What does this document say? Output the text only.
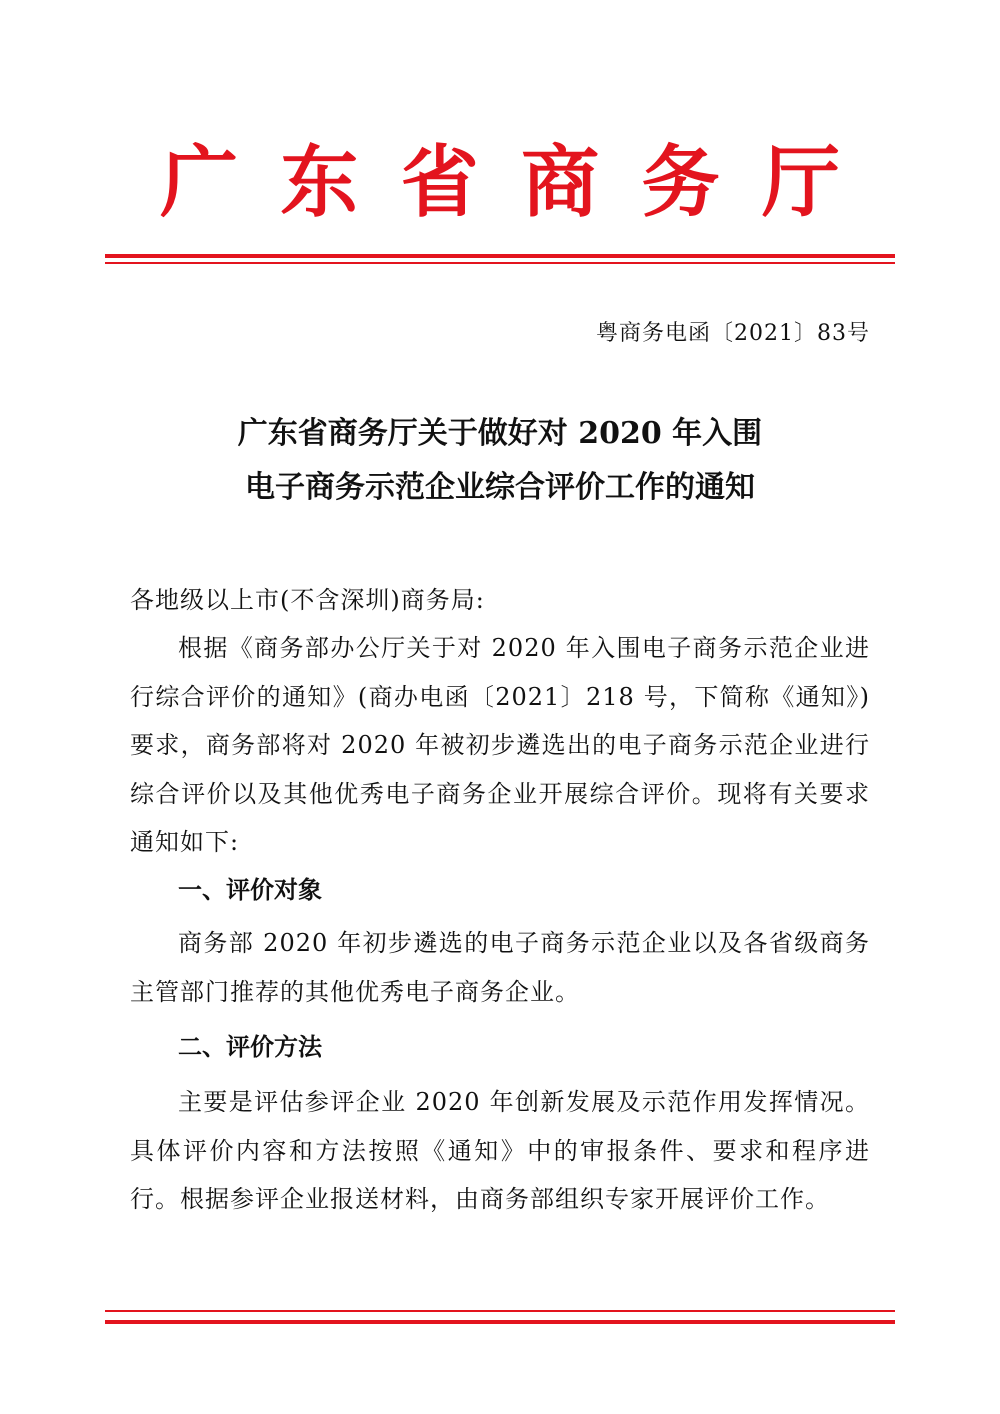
广 东 省 商 务 厅
粤商务电函〔2021〕83号
广东省商务厅关于做好对 2020 年入围
电子商务示范企业综合评价工作的通知
各地级以上市(不含深圳)商务局:

根据《商务部办公厅关于对 2020 年入围电子商务示范企业进行综合评价的通知》(商办电函〔2021〕218 号，下简称《通知》)要求，商务部将对 2020 年被初步遴选出的电子商务示范企业进行综合评价以及其他优秀电子商务企业开展综合评价。现将有关要求通知如下:

一、评价对象

商务部 2020 年初步遴选的电子商务示范企业以及各省级商务主管部门推荐的其他优秀电子商务企业。

二、评价方法

主要是评估参评企业 2020 年创新发展及示范作用发挥情况。具体评价内容和方法按照《通知》中的审报条件、要求和程序进行。根据参评企业报送材料，由商务部组织专家开展评价工作。
